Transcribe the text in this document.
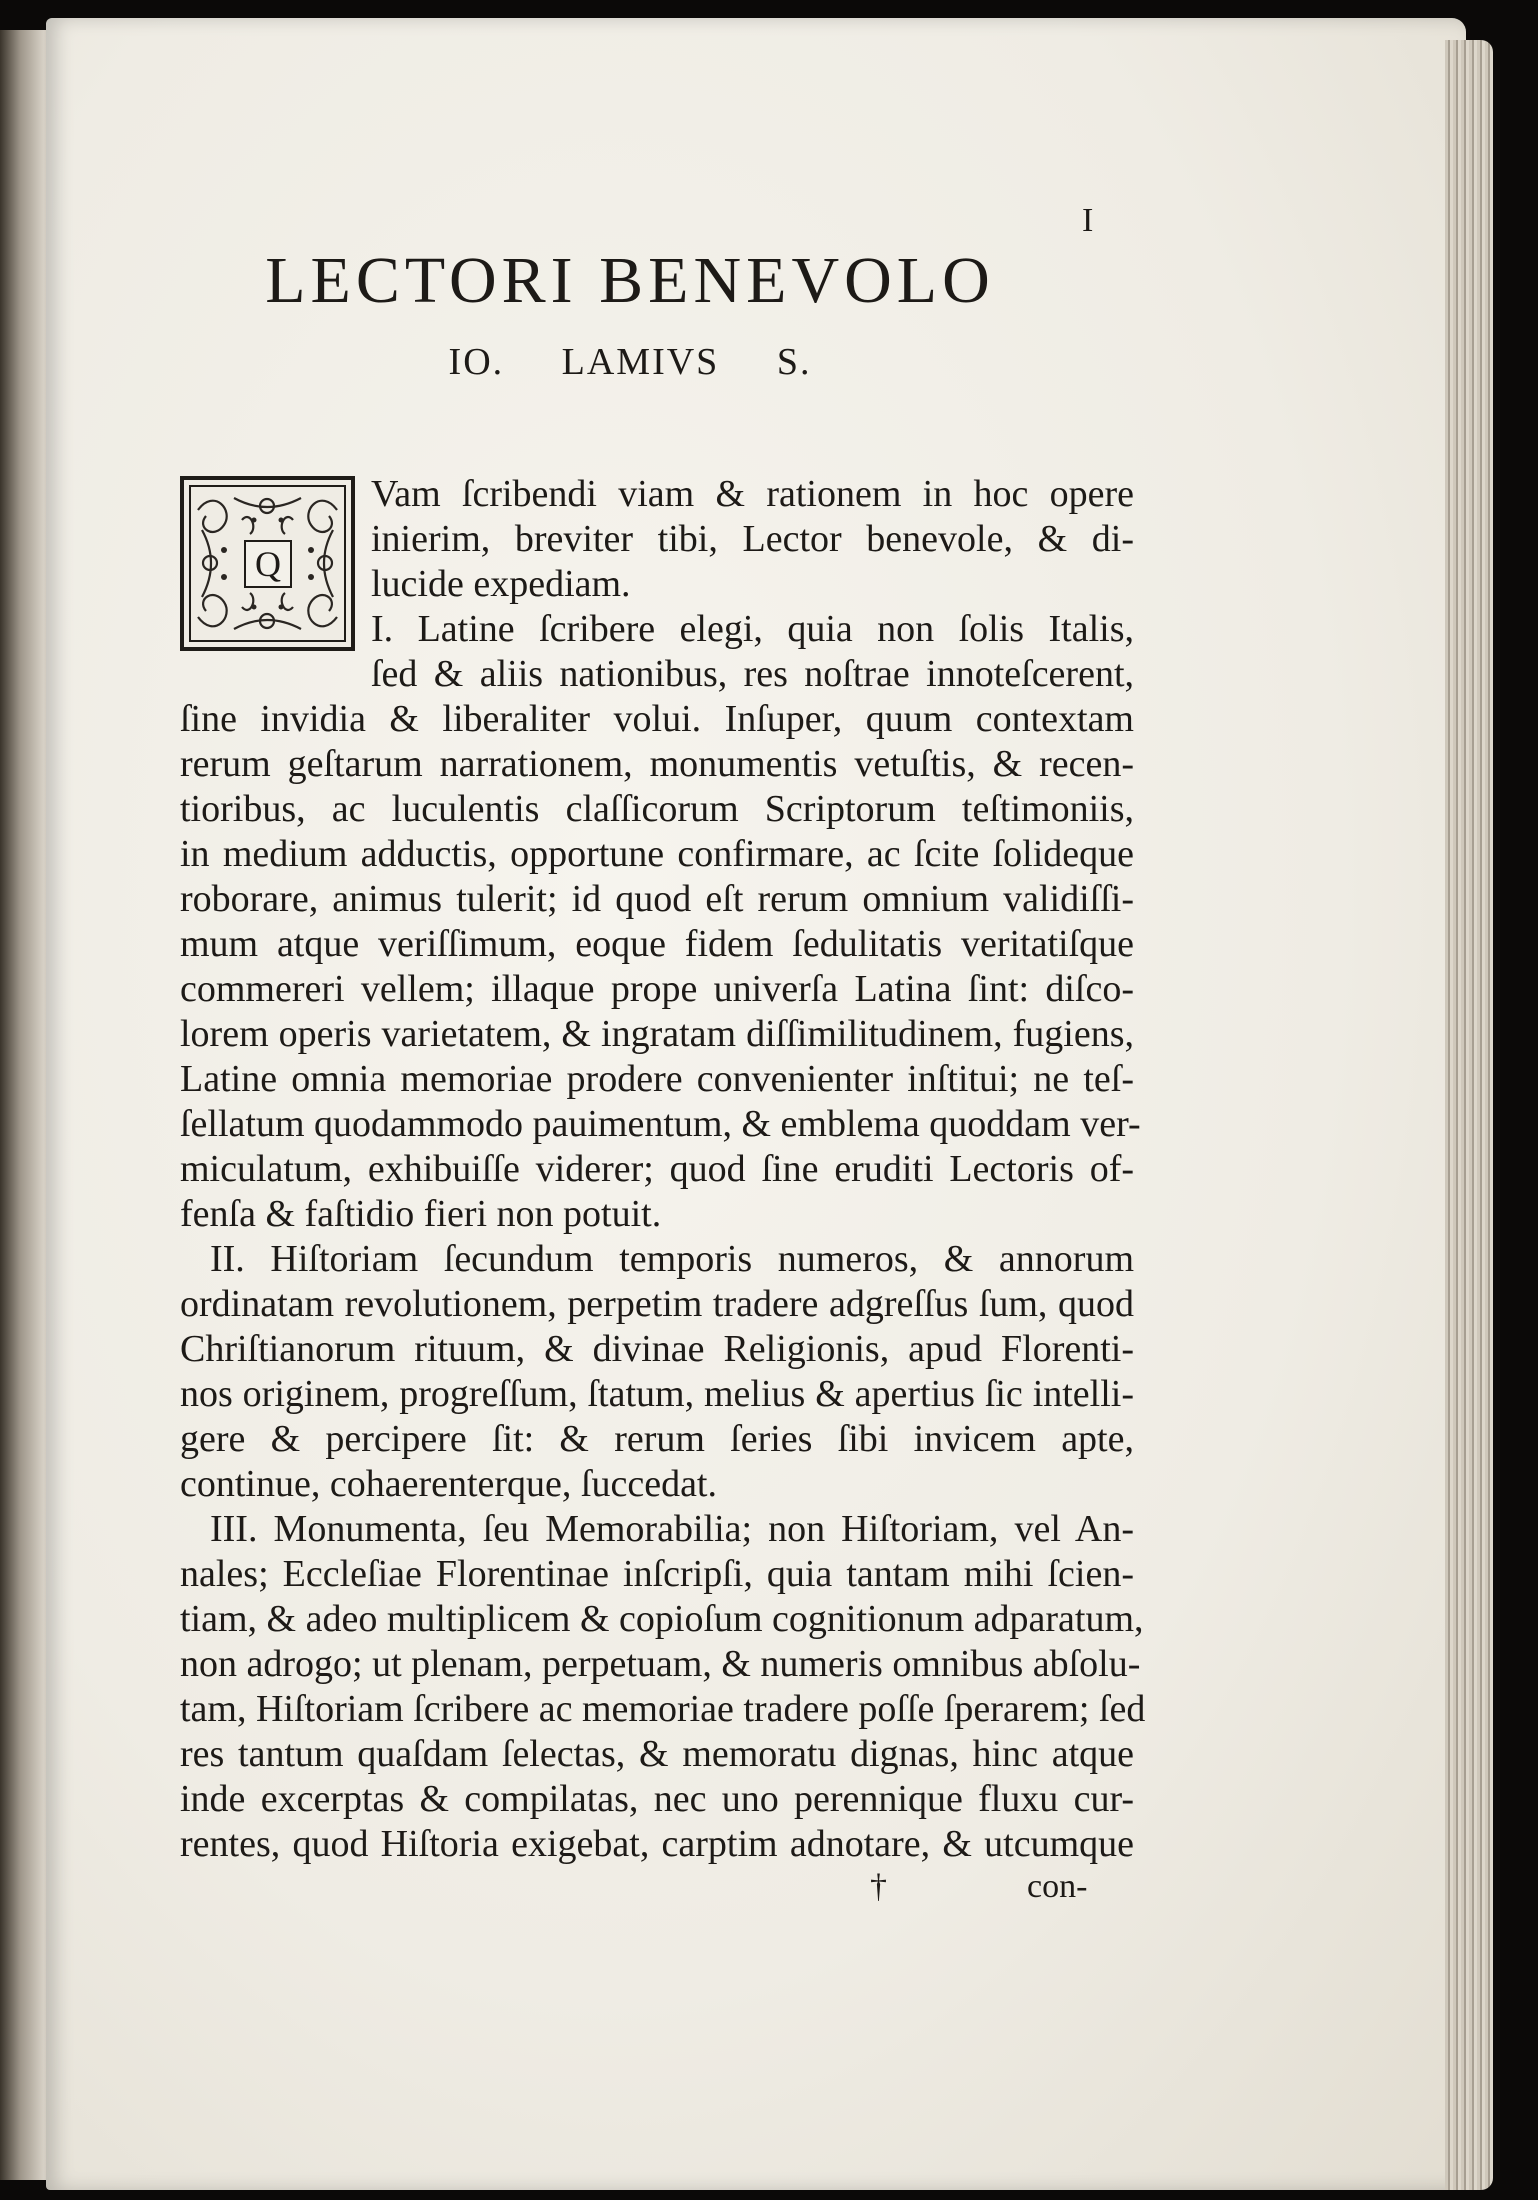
I
LECTORI BENEVOLO
IO. LAMIVS S.
Q
Vam ſcribendi viam & rationem in hoc opere
inierim, breviter tibi, Lector benevole, & di-
lucide expediam.
I. Latine ſcribere elegi, quia non ſolis Italis,
ſed & aliis nationibus, res noſtrae innoteſcerent,
ſine invidia & liberaliter volui. Inſuper, quum contextam
rerum geſtarum narrationem, monumentis vetuſtis, & recen-
tioribus, ac luculentis claſſicorum Scriptorum teſtimoniis,
in medium adductis, opportune confirmare, ac ſcite ſolideque
roborare, animus tulerit; id quod eſt rerum omnium validiſſi-
mum atque veriſſimum, eoque fidem ſedulitatis veritatiſque
commereri vellem; illaque prope univerſa Latina ſint: diſco-
lorem operis varietatem, & ingratam diſſimilitudinem, fugiens,
Latine omnia memoriae prodere convenienter inſtitui; ne teſ-
ſellatum quodammodo pauimentum, & emblema quoddam ver-
miculatum, exhibuiſſe viderer; quod ſine eruditi Lectoris of-
fenſa & faſtidio fieri non potuit.
II. Hiſtoriam ſecundum temporis numeros, & annorum
ordinatam revolutionem, perpetim tradere adgreſſus ſum, quod
Chriſtianorum rituum, & divinae Religionis, apud Florenti-
nos originem, progreſſum, ſtatum, melius & apertius ſic intelli-
gere & percipere ſit: & rerum ſeries ſibi invicem apte,
continue, cohaerenterque, ſuccedat.
III. Monumenta, ſeu Memorabilia; non Hiſtoriam, vel An-
nales; Eccleſiae Florentinae inſcripſi, quia tantam mihi ſcien-
tiam, & adeo multiplicem & copioſum cognitionum adparatum,
non adrogo; ut plenam, perpetuam, & numeris omnibus abſolu-
tam, Hiſtoriam ſcribere ac memoriae tradere poſſe ſperarem; ſed
res tantum quaſdam ſelectas, & memoratu dignas, hinc atque
inde excerptas & compilatas, nec uno perennique fluxu cur-
rentes, quod Hiſtoria exigebat, carptim adnotare, & utcumque
†	con-
